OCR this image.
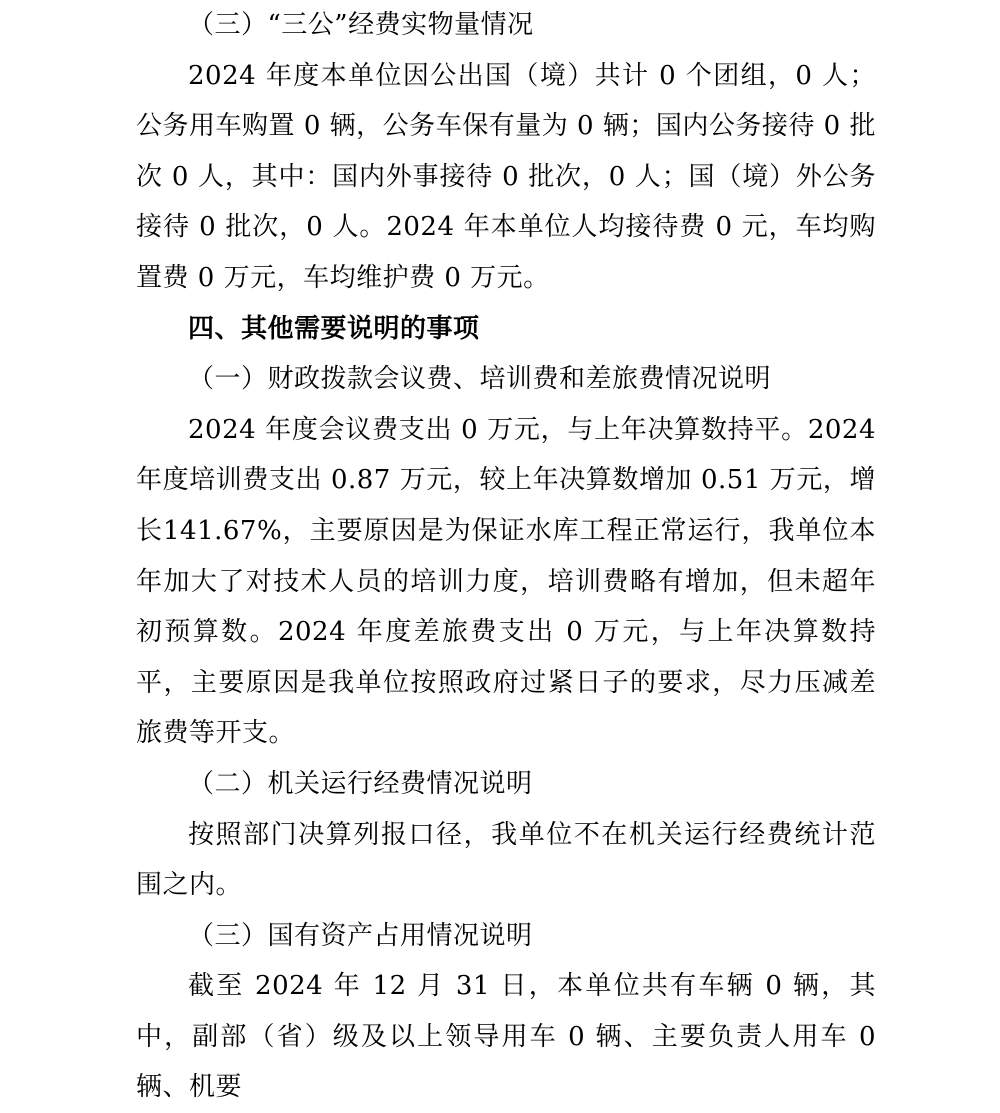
（三）“三公”经费实物量情况

2024 年度本单位因公出国（境）共计 0 个团组，0 人；公务用车购置 0 辆，公务车保有量为 0 辆；国内公务接待 0 批次 0 人，其中：国内外事接待 0 批次，0 人；国（境）外公务接待 0 批次，0 人。2024 年本单位人均接待费 0 元，车均购置费 0 万元，车均维护费 0 万元。

四、其他需要说明的事项

（一）财政拨款会议费、培训费和差旅费情况说明

2024 年度会议费支出 0 万元，与上年决算数持平。2024 年度培训费支出 0.87 万元，较上年决算数增加 0.51 万元，增长141.67%，主要原因是为保证水库工程正常运行，我单位本年加大了对技术人员的培训力度，培训费略有增加，但未超年初预算数。2024 年度差旅费支出 0 万元，与上年决算数持平，主要原因是我单位按照政府过紧日子的要求，尽力压减差旅费等开支。

（二）机关运行经费情况说明

按照部门决算列报口径，我单位不在机关运行经费统计范围之内。

（三）国有资产占用情况说明

截至 2024 年 12 月 31 日，本单位共有车辆 0 辆，其中，副部（省）级及以上领导用车 0 辆、主要负责人用车 0 辆、机要
